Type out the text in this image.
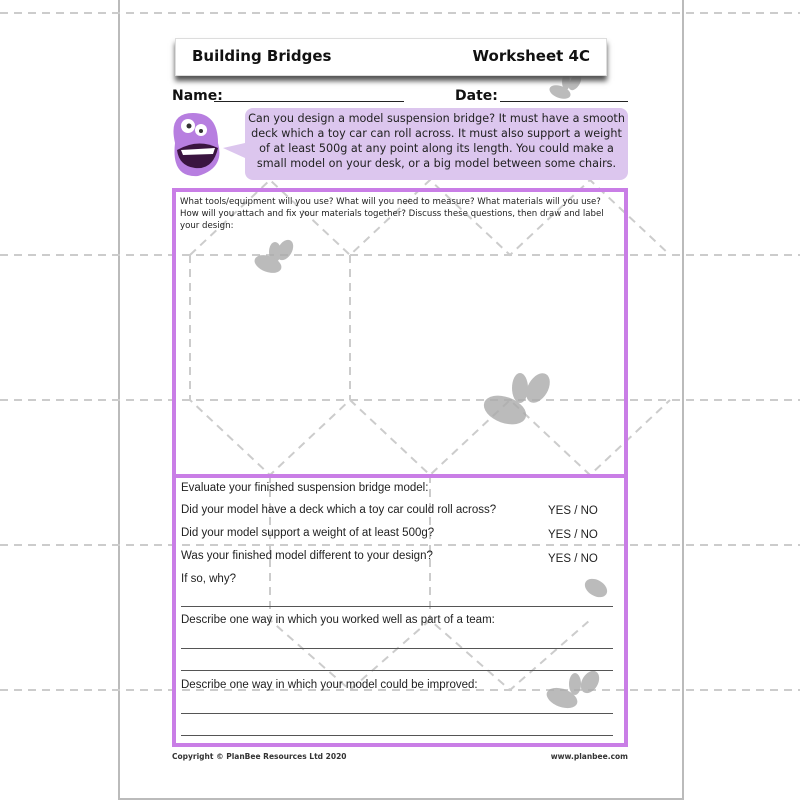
Building Bridges	Worksheet 4C
Name:	Date:
Can you design a model suspension bridge? It must have a smooth deck which a toy car can roll across. It must also support a weight of at least 500g at any point along its length. You could make a small model on your desk, or a big model between some chairs.
What tools/equipment will you use? What will you need to measure? What materials will you use? How will you attach and fix your materials together? Discuss these questions, then draw and label your design:
Evaluate your finished suspension bridge model:
Did your model have a deck which a toy car could roll across?	YES / NO
Did your model support a weight of at least 500g?	YES / NO
Was your finished model different to your design?	YES / NO
If so, why?
Describe one way in which you worked well as part of a team:
Describe one way in which your model could be improved:
Copyright © PlanBee Resources Ltd 2020	www.planbee.com
